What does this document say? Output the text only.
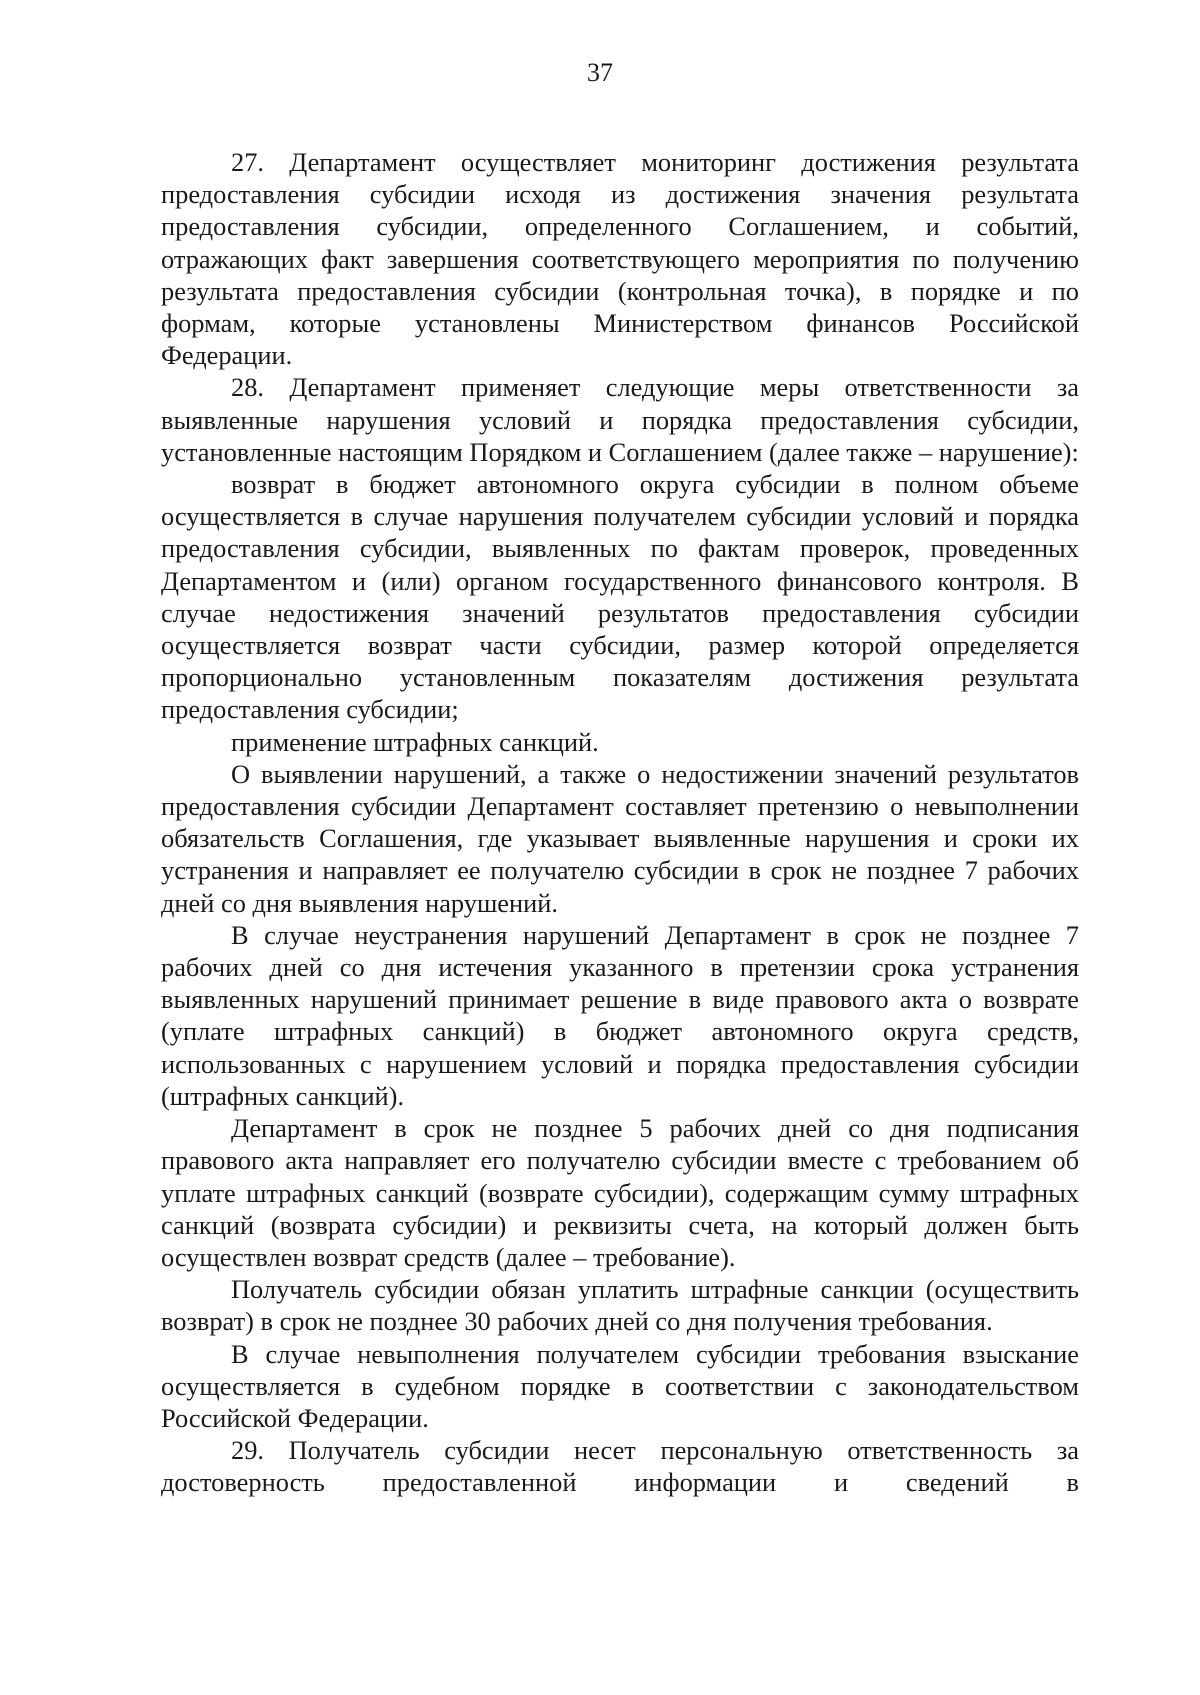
37

27. Департамент осуществляет мониторинг достижения результата предоставления субсидии исходя из достижения значения результата предоставления субсидии, определенного Соглашением, и событий, отражающих факт завершения соответствующего мероприятия по получению результата предоставления субсидии (контрольная точка), в порядке и по формам, которые установлены Министерством финансов Российской Федерации.

28. Департамент применяет следующие меры ответственности за выявленные нарушения условий и порядка предоставления субсидии, установленные настоящим Порядком и Соглашением (далее также – нарушение):

возврат в бюджет автономного округа субсидии в полном объеме осуществляется в случае нарушения получателем субсидии условий и порядка предоставления субсидии, выявленных по фактам проверок, проведенных Департаментом и (или) органом государственного финансового контроля. В случае недостижения значений результатов предоставления субсидии осуществляется возврат части субсидии, размер которой определяется пропорционально установленным показателям достижения результата предоставления субсидии;

применение штрафных санкций.

О выявлении нарушений, а также о недостижении значений результатов предоставления субсидии Департамент составляет претензию о невыполнении обязательств Соглашения, где указывает выявленные нарушения и сроки их устранения и направляет ее получателю субсидии в срок не позднее 7 рабочих дней со дня выявления нарушений.

В случае неустранения нарушений Департамент в срок не позднее 7 рабочих дней со дня истечения указанного в претензии срока устранения выявленных нарушений принимает решение в виде правового акта о возврате (уплате штрафных санкций) в бюджет автономного округа средств, использованных с нарушением условий и порядка предоставления субсидии (штрафных санкций).

Департамент в срок не позднее 5 рабочих дней со дня подписания правового акта направляет его получателю субсидии вместе с требованием об уплате штрафных санкций (возврате субсидии), содержащим сумму штрафных санкций (возврата субсидии) и реквизиты счета, на который должен быть осуществлен возврат средств (далее – требование).

Получатель субсидии обязан уплатить штрафные санкции (осуществить возврат) в срок не позднее 30 рабочих дней со дня получения требования.

В случае невыполнения получателем субсидии требования взыскание осуществляется в судебном порядке в соответствии с законодательством Российской Федерации.

29. Получатель субсидии несет персональную ответственность за достоверность предоставленной информации и сведений в
